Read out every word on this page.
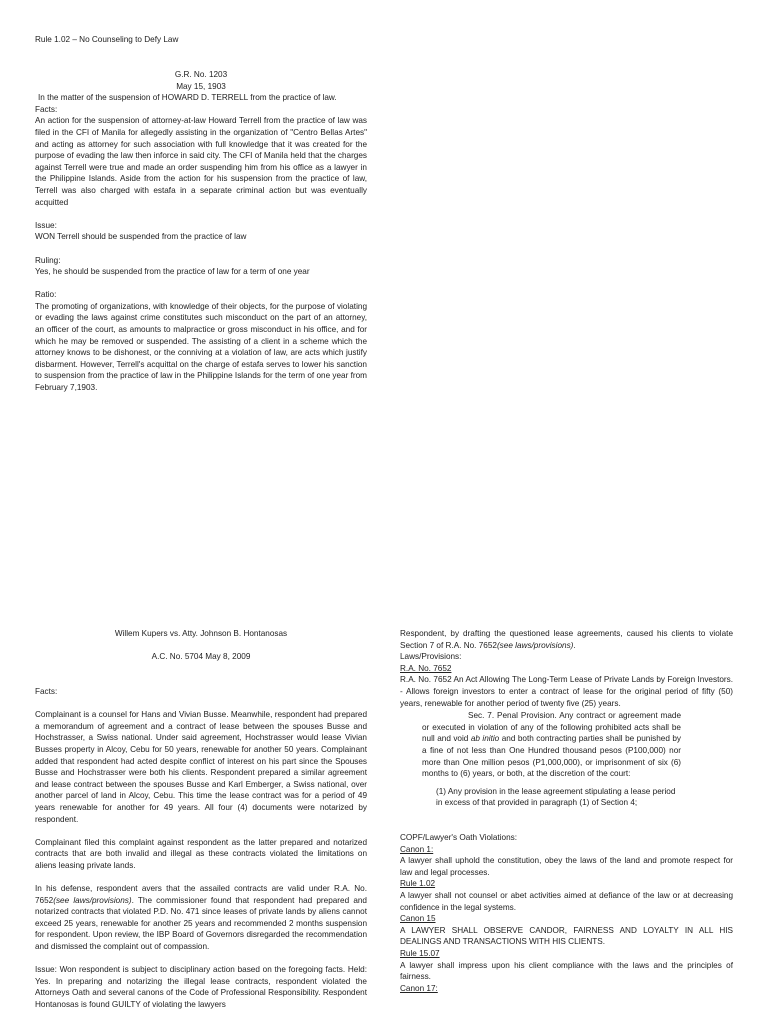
Rule 1.02 – No Counseling to Defy Law

G.R. No. 1203

May 15, 1903

In the matter of the suspension of HOWARD D. TERRELL from the practice of law.

Facts:

An action for the suspension of attorney-at-law Howard Terrell from the practice of law was filed in the CFI of Manila for allegedly assisting in the organization of "Centro Bellas Artes" and acting as attorney for such association with full knowledge that it was created for the purpose of evading the law then inforce in said city. The CFI of Manila held that the charges against Terrell were true and made an order suspending him from his office as a lawyer in the Philippine Islands. Aside from the action for his suspension from the practice of law, Terrell was also charged with estafa in a separate criminal action but was eventually acquitted

Issue:

WON Terrell should be suspended from the practice of law

Ruling:

Yes, he should be suspended from the practice of law for a term of one year

Ratio:

The promoting of organizations, with knowledge of their objects, for the purpose of violating or evading the laws against crime constitutes such misconduct on the part of an attorney, an officer of the court, as amounts to malpractice or gross misconduct in his office, and for which he may be removed or suspended. The assisting of a client in a scheme which the attorney knows to be dishonest, or the conniving at a violation of law, are acts which justify disbarment. However, Terrell's acquittal on the charge of estafa serves to lower his sanction to suspension from the practice of law in the Philippine Islands for the term of one year from February 7,1903.

Willem Kupers vs. Atty. Johnson B. Hontanosas

A.C. No. 5704 May 8, 2009

Facts:

Complainant is a counsel for Hans and Vivian Busse. Meanwhile, respondent had prepared a memorandum of agreement and a contract of lease between the spouses Busse and Hochstrasser, a Swiss national. Under said agreement, Hochstrasser would lease Vivian Busses property in Alcoy, Cebu for 50 years, renewable for another 50 years. Complainant added that respondent had acted despite conflict of interest on his part since the Spouses Busse and Hochstrasser were both his clients. Respondent prepared a similar agreement and lease contract between the spouses Busse and Karl Emberger, a Swiss national, over another parcel of land in Alcoy, Cebu. This time the lease contract was for a period of 49 years renewable for another for 49 years. All four (4) documents were notarized by respondent.

Complainant filed this complaint against respondent as the latter prepared and notarized contracts that are both invalid and illegal as these contracts violated the limitations on aliens leasing private lands.

In his defense, respondent avers that the assailed contracts are valid under R.A. No. 7652(see laws/provisions). The commissioner found that respondent had prepared and notarized contracts that violated P.D. No. 471 since leases of private lands by aliens cannot exceed 25 years, renewable for another 25 years and recommended 2 months suspension for respondent. Upon review, the IBP Board of Governors disregarded the recommendation and dismissed the complaint out of compassion.

Issue: Won respondent is subject to disciplinary action based on the foregoing facts. Held: Yes. In preparing and notarizing the illegal lease contracts, respondent violated the Attorneys Oath and several canons of the Code of Professional Responsibility. Respondent Hontanosas is found GUILTY of violating the lawyers

Respondent, by drafting the questioned lease agreements, caused his clients to violate Section 7 of R.A. No. 7652(see laws/provisions).

Laws/Provisions:

R.A. No. 7652

R.A. No. 7652 An Act Allowing The Long-Term Lease of Private Lands by Foreign Investors. - Allows foreign investors to enter a contract of lease for the original period of fifty (50) years, renewable for another period of twenty five (25) years.

Sec. 7. Penal Provision. Any contract or agreement made or executed in violation of any of the following prohibited acts shall be null and void ab initio and both contracting parties shall be punished by a fine of not less than One Hundred thousand pesos (P100,000) nor more than One million pesos (P1,000,000), or imprisonment of six (6) months to (6) years, or both, at the discretion of the court:

(1) Any provision in the lease agreement stipulating a lease period in excess of that provided in paragraph (1) of Section 4;

COPF/Lawyer's Oath Violations:

Canon 1:

A lawyer shall uphold the constitution, obey the laws of the land and promote respect for law and legal processes.

Rule 1.02

A lawyer shall not counsel or abet activities aimed at defiance of the law or at decreasing confidence in the legal systems.

Canon 15

A LAWYER SHALL OBSERVE CANDOR, FAIRNESS AND LOYALTY IN ALL HIS DEALINGS AND TRANSACTIONS WITH HIS CLIENTS.

Rule 15.07

A lawyer shall impress upon his client compliance with the laws and the principles of fairness.

Canon 17:
